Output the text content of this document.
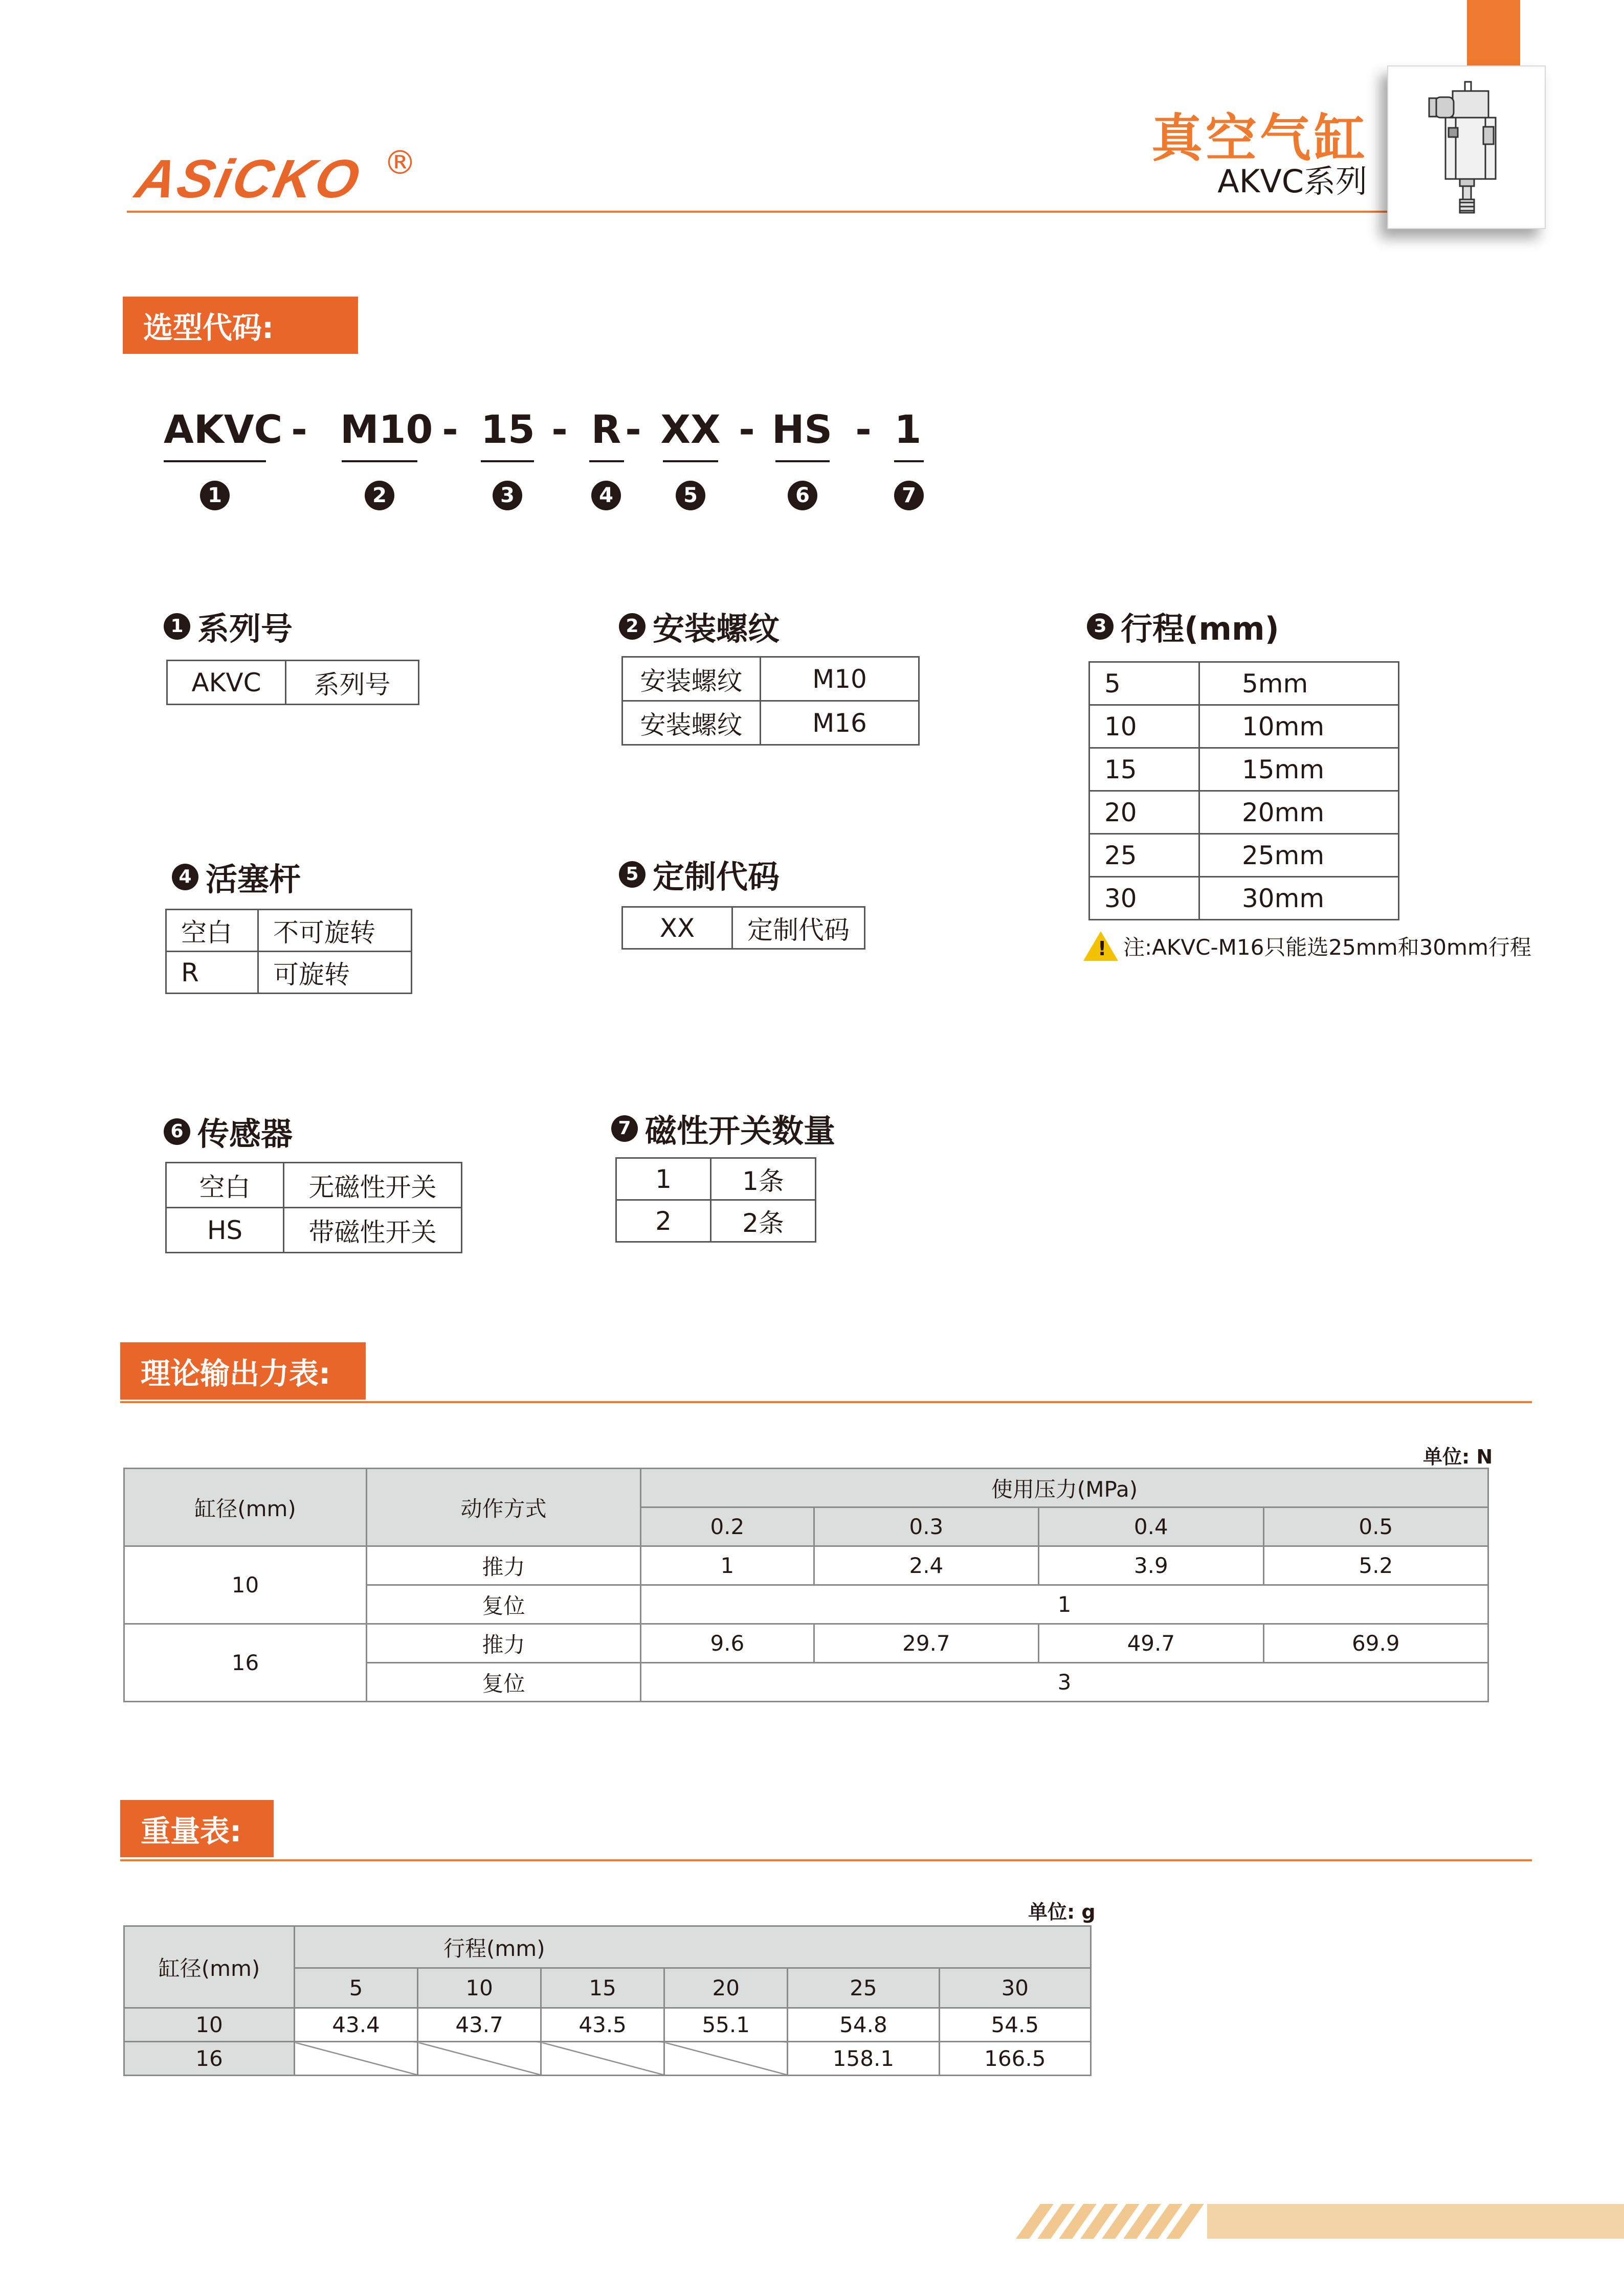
ASiCKO ®	真空气缸
AKVC系列
选型代码:
AKVC
1
- M10
2
- 15
3
- R
4
- XX
5
- HS
6
- 1
7
1 系列号
AKVC	系列号
2 安装螺纹
安装螺纹	M10
安装螺纹	M16
3 行程(mm)
5	5mm
10	10mm
15	15mm
20	20mm
25	25mm
30	30mm
! 注:AKVC-M16只能选25mm和30mm行程
4 活塞杆
空白	不可旋转
R	可旋转
5 定制代码
XX	定制代码
6 传感器
空白	无磁性开关
HS	带磁性开关
7 磁性开关数量
1	1条
2	2条
理论输出力表:
单位: N
缸径(mm)	动作方式	使用压力(MPa)			
		0.2	0.3	0.4	0.5
10	推力	1	2.4	3.9	5.2
	复位	1			
16	推力	9.6	29.7	49.7	69.9
	复位	3			
重量表:
单位: g
缸径(mm)	行程(mm)					
	5	10	15	20	25	30
10	43.4	43.7	43.5	55.1	54.8	54.5
16					158.1	166.5
